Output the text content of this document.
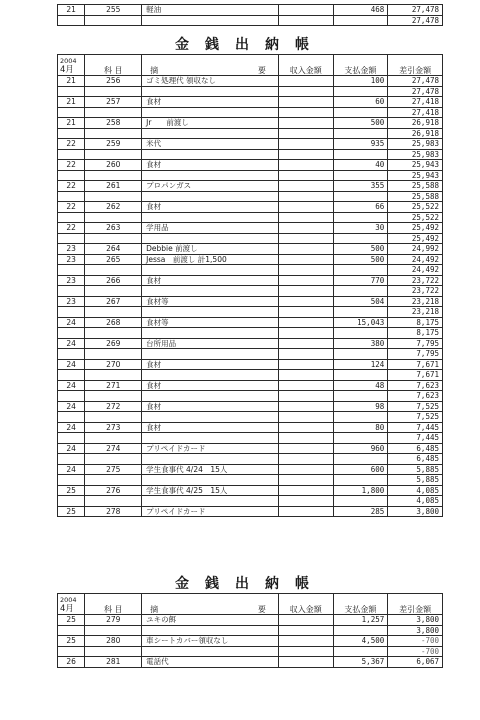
21	255	軽油		468	27,478
					27,478
金銭出納帳
2004
4月	科 目	摘 要	収入金額	支払金額	差引金額
21	256	ゴミ処理代 領収なし		100	27,478
					27,478
21	257	食材		60	27,418
					27,418
21	258	Jr　　前渡し		500	26,918
					26,918
22	259	米代		935	25,983
					25,983
22	260	食材		40	25,943
					25,943
22	261	プロパンガス		355	25,588
					25,588
22	262	食材		66	25,522
					25,522
22	263	学用品		30	25,492
					25,492
23	264	Debbie 前渡し		500	24,992
23	265	Jessa　前渡し 計1,500		500	24,492
					24,492
23	266	食材		770	23,722
					23,722
23	267	食材等		504	23,218
					23,218
24	268	食材等		15,043	8,175
					8,175
24	269	台所用品		380	7,795
					7,795
24	270	食材		124	7,671
					7,671
24	271	食材		48	7,623
					7,623
24	272	食材		98	7,525
					7,525
24	273	食材		80	7,445
					7,445
24	274	プリペイドカード		960	6,485
					6,485
24	275	学生食事代 4/24　15人		600	5,885
					5,885
25	276	学生食事代 4/25　15人		1,800	4,085
					4,085
25	278	プリペイドカード		285	3,800
金銭出納帳
2004
4月	科 目	摘 要	収入金額	支払金額	差引金額
25	279	ユキの餌		1,257	3,800
					3,800
25	280	車シートカバー領収なし		4,500	-700
					-700
26	281	電話代		5,367	6,067
